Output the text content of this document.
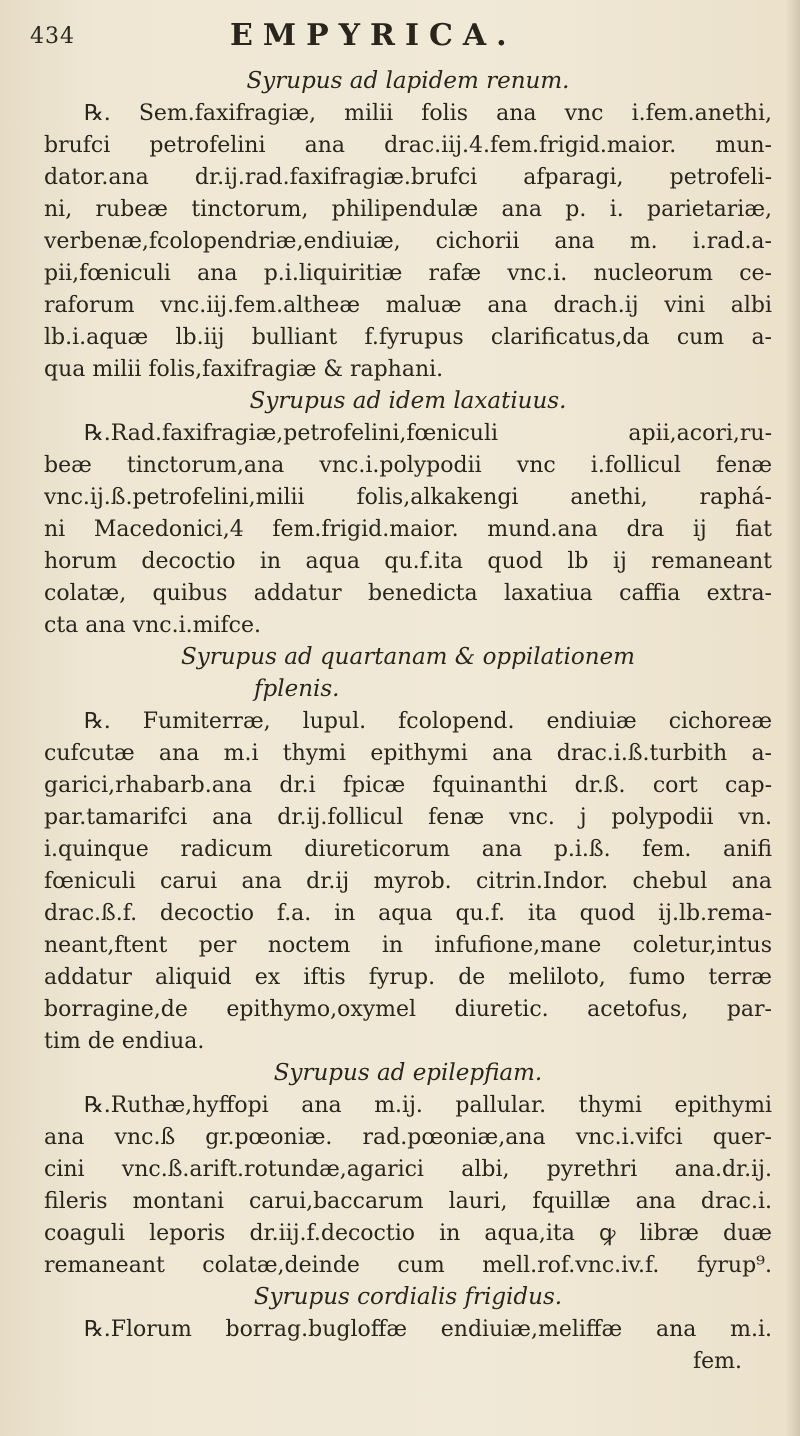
434	EMPYRICA.
Syrupus ad lapidem renum.
℞. Sem.faxifragiæ, milii folis ana vnc i.fem.anethi,
brufci petrofelini ana drac.iij.4.fem.frigid.maior. mun-
dator.ana dr.ij.rad.faxifragiæ.brufci afparagi, petrofeli-
ni, rubeæ tinctorum, philipendulæ ana p. i. parietariæ,
verbenæ,fcolopendriæ,endiuiæ, cichorii ana m. i.rad.a-
pii,fœniculi ana p.i.liquiritiæ rafæ vnc.i. nucleorum ce-
raforum vnc.iij.fem.altheæ maluæ ana drach.ij vini albi
lb.i.aquæ lb.iij bulliant f.fyrupus clarificatus,da cum a-
qua milii folis,faxifragiæ & raphani.
Syrupus ad idem laxatiuus.
℞.Rad.faxifragiæ,petrofelini,fœniculi apii,acori,ru-
beæ tinctorum,ana vnc.i.polypodii vnc i.follicul fenæ
vnc.ij.ß.petrofelini,milii folis,alkakengi anethi, raphá-
ni Macedonici,4 fem.frigid.maior. mund.ana dra ij fiat
horum decoctio in aqua qu.f.ita quod lb ij remaneant
colatæ, quibus addatur benedicta laxatiua caffia extra-
cta ana vnc.i.mifce.
Syrupus ad quartanam & oppilationem
fplenis.
℞. Fumiterræ, lupul. fcolopend. endiuiæ cichoreæ
cufcutæ ana m.i thymi epithymi ana drac.i.ß.turbith a-
garici,rhabarb.ana dr.i fpicæ fquinanthi dr.ß. cort cap-
par.tamarifci ana dr.ij.follicul fenæ vnc. j polypodii vn.
i.quinque radicum diureticorum ana p.i.ß. fem. anifi
fœniculi carui ana dr.ij myrob. citrin.Indor. chebul ana
drac.ß.f. decoctio f.a. in aqua qu.f. ita quod ij.lb.rema-
neant,ftent per noctem in infufione,mane coletur,intus
addatur aliquid ex iftis fyrup. de meliloto, fumo terræ
borragine,de epithymo,oxymel diuretic. acetofus, par-
tim de endiua.
Syrupus ad epilepfiam.
℞.Ruthæ,hyffopi ana m.ij. pallular. thymi epithymi
ana vnc.ß gr.pœoniæ. rad.pœoniæ,ana vnc.i.vifci quer-
cini vnc.ß.arift.rotundæ,agarici albi, pyrethri ana.dr.ij.
fileris montani carui,baccarum lauri, fquillæ ana drac.i.
coaguli leporis dr.iij.f.decoctio in aqua,ita ꝙ libræ duæ
remaneant colatæ,deinde cum mell.rof.vnc.iv.f. fyrup⁹.
Syrupus cordialis frigidus.
℞.Florum borrag.bugloffæ endiuiæ,meliffæ ana m.i.
fem.
